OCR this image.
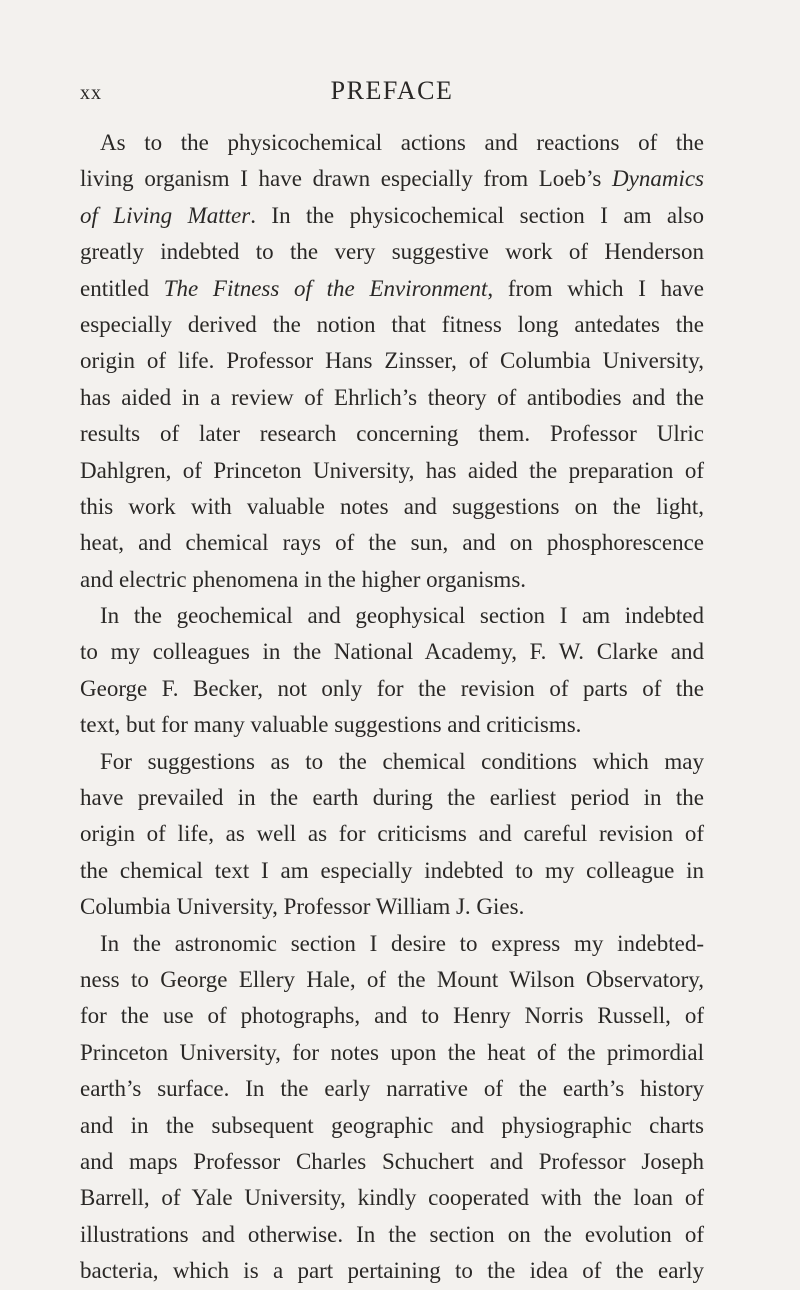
xx	PREFACE
As to the physicochemical actions and reactions of the
living organism I have drawn especially from Loeb’s Dynamics
of Living Matter. In the physicochemical section I am also
greatly indebted to the very suggestive work of Henderson
entitled The Fitness of the Environment, from which I have
especially derived the notion that fitness long antedates the
origin of life. Professor Hans Zinsser, of Columbia University,
has aided in a review of Ehrlich’s theory of antibodies and the
results of later research concerning them. Professor Ulric
Dahlgren, of Princeton University, has aided the preparation of
this work with valuable notes and suggestions on the light,
heat, and chemical rays of the sun, and on phosphorescence
and electric phenomena in the higher organisms.
In the geochemical and geophysical section I am indebted
to my colleagues in the National Academy, F. W. Clarke and
George F. Becker, not only for the revision of parts of the
text, but for many valuable suggestions and criticisms.
For suggestions as to the chemical conditions which may
have prevailed in the earth during the earliest period in the
origin of life, as well as for criticisms and careful revision of
the chemical text I am especially indebted to my colleague in
Columbia University, Professor William J. Gies.
In the astronomic section I desire to express my indebted-
ness to George Ellery Hale, of the Mount Wilson Observatory,
for the use of photographs, and to Henry Norris Russell, of
Princeton University, for notes upon the heat of the primordial
earth’s surface. In the early narrative of the earth’s history
and in the subsequent geographic and physiographic charts
and maps Professor Charles Schuchert and Professor Joseph
Barrell, of Yale University, kindly cooperated with the loan of
illustrations and otherwise. In the section on the evolution of
bacteria, which is a part pertaining to the idea of the early
